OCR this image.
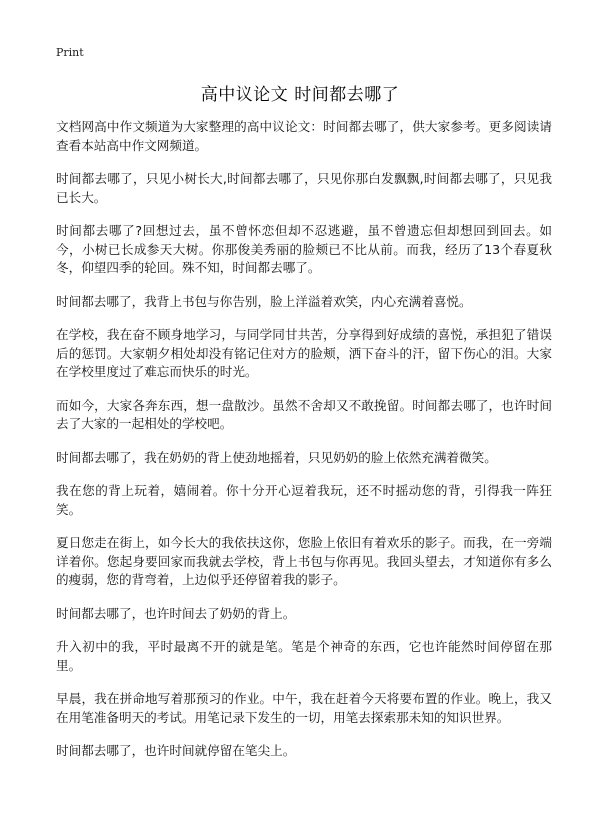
Print
高中议论文 时间都去哪了

文档网高中作文频道为大家整理的高中议论文：时间都去哪了，供大家参考。更多阅读请查看本站高中作文网频道。

时间都去哪了，只见小树长大,时间都去哪了，只见你那白发飘飘,时间都去哪了，只见我已长大。

时间都去哪了?回想过去，虽不曾怀恋但却不忍逃避，虽不曾遗忘但却想回到回去。如今，小树已长成参天大树。你那俊美秀丽的脸颊已不比从前。而我，经历了13个春夏秋冬，仰望四季的轮回。殊不知，时间都去哪了。

时间都去哪了，我背上书包与你告别，脸上洋溢着欢笑，内心充满着喜悦。

在学校，我在奋不顾身地学习，与同学同甘共苦，分享得到好成绩的喜悦，承担犯了错误后的惩罚。大家朝夕相处却没有铭记住对方的脸颊，洒下奋斗的汗，留下伤心的泪。大家在学校里度过了难忘而快乐的时光。

而如今，大家各奔东西，想一盘散沙。虽然不舍却又不敢挽留。时间都去哪了，也许时间去了大家的一起相处的学校吧。

时间都去哪了，我在奶奶的背上使劲地摇着，只见奶奶的脸上依然充满着微笑。

我在您的背上玩着，嬉闹着。你十分开心逗着我玩，还不时摇动您的背，引得我一阵狂笑。

夏日您走在街上，如今长大的我依扶这你，您脸上依旧有着欢乐的影子。而我，在一旁端详着你。您起身要回家而我就去学校，背上书包与你再见。我回头望去，才知道你有多么的瘦弱，您的背弯着，上边似乎还停留着我的影子。

时间都去哪了，也许时间去了奶奶的背上。

升入初中的我，平时最离不开的就是笔。笔是个神奇的东西，它也许能然时间停留在那里。

早晨，我在拼命地写着那预习的作业。中午，我在赶着今天将要布置的作业。晚上，我又在用笔准备明天的考试。用笔记录下发生的一切，用笔去探索那未知的知识世界。

时间都去哪了，也许时间就停留在笔尖上。
